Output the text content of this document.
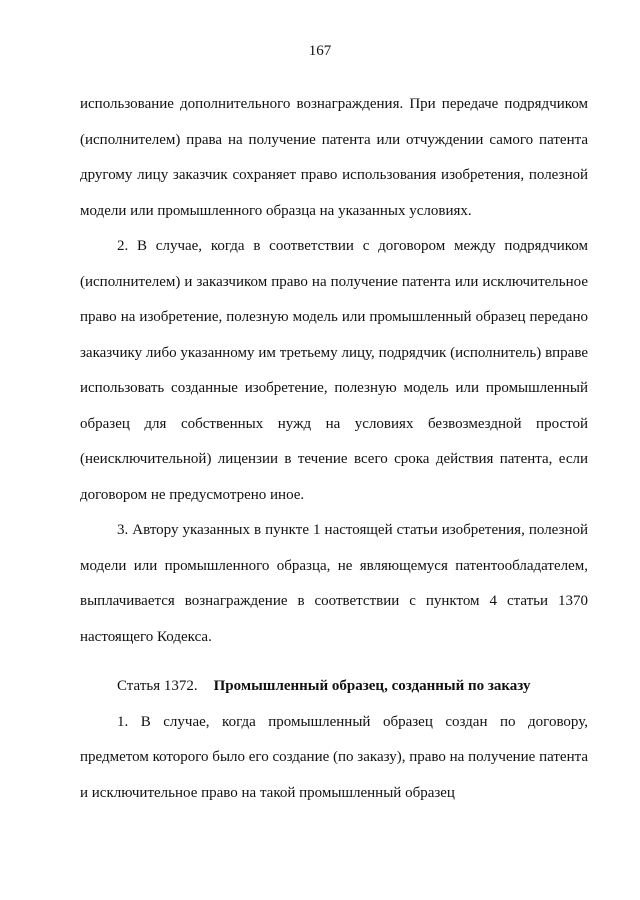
167

использование дополнительного вознаграждения. При передаче подрядчиком (исполнителем) права на получение патента или отчуждении самого патента другому лицу заказчик сохраняет право использования изобретения, полезной модели или промышленного образца на указанных условиях.

2. В случае, когда в соответствии с договором между подрядчиком (исполнителем) и заказчиком право на получение патента или исключительное право на изобретение, полезную модель или промышленный образец передано заказчику либо указанному им третьему лицу, подрядчик (исполнитель) вправе использовать созданные изобретение, полезную модель или промышленный образец для собственных нужд на условиях безвозмездной простой (неисключительной) лицензии в течение всего срока действия патента, если договором не предусмотрено иное.

3. Автору указанных в пункте 1 настоящей статьи изобретения, полезной модели или промышленного образца, не являющемуся патентообладателем, выплачивается вознаграждение в соответствии с пунктом 4 статьи 1370 настоящего Кодекса.

Статья 1372. Промышленный образец, созданный по заказу

1. В случае, когда промышленный образец создан по договору, предметом которого было его создание (по заказу), право на получение патента и исключительное право на такой промышленный образец
